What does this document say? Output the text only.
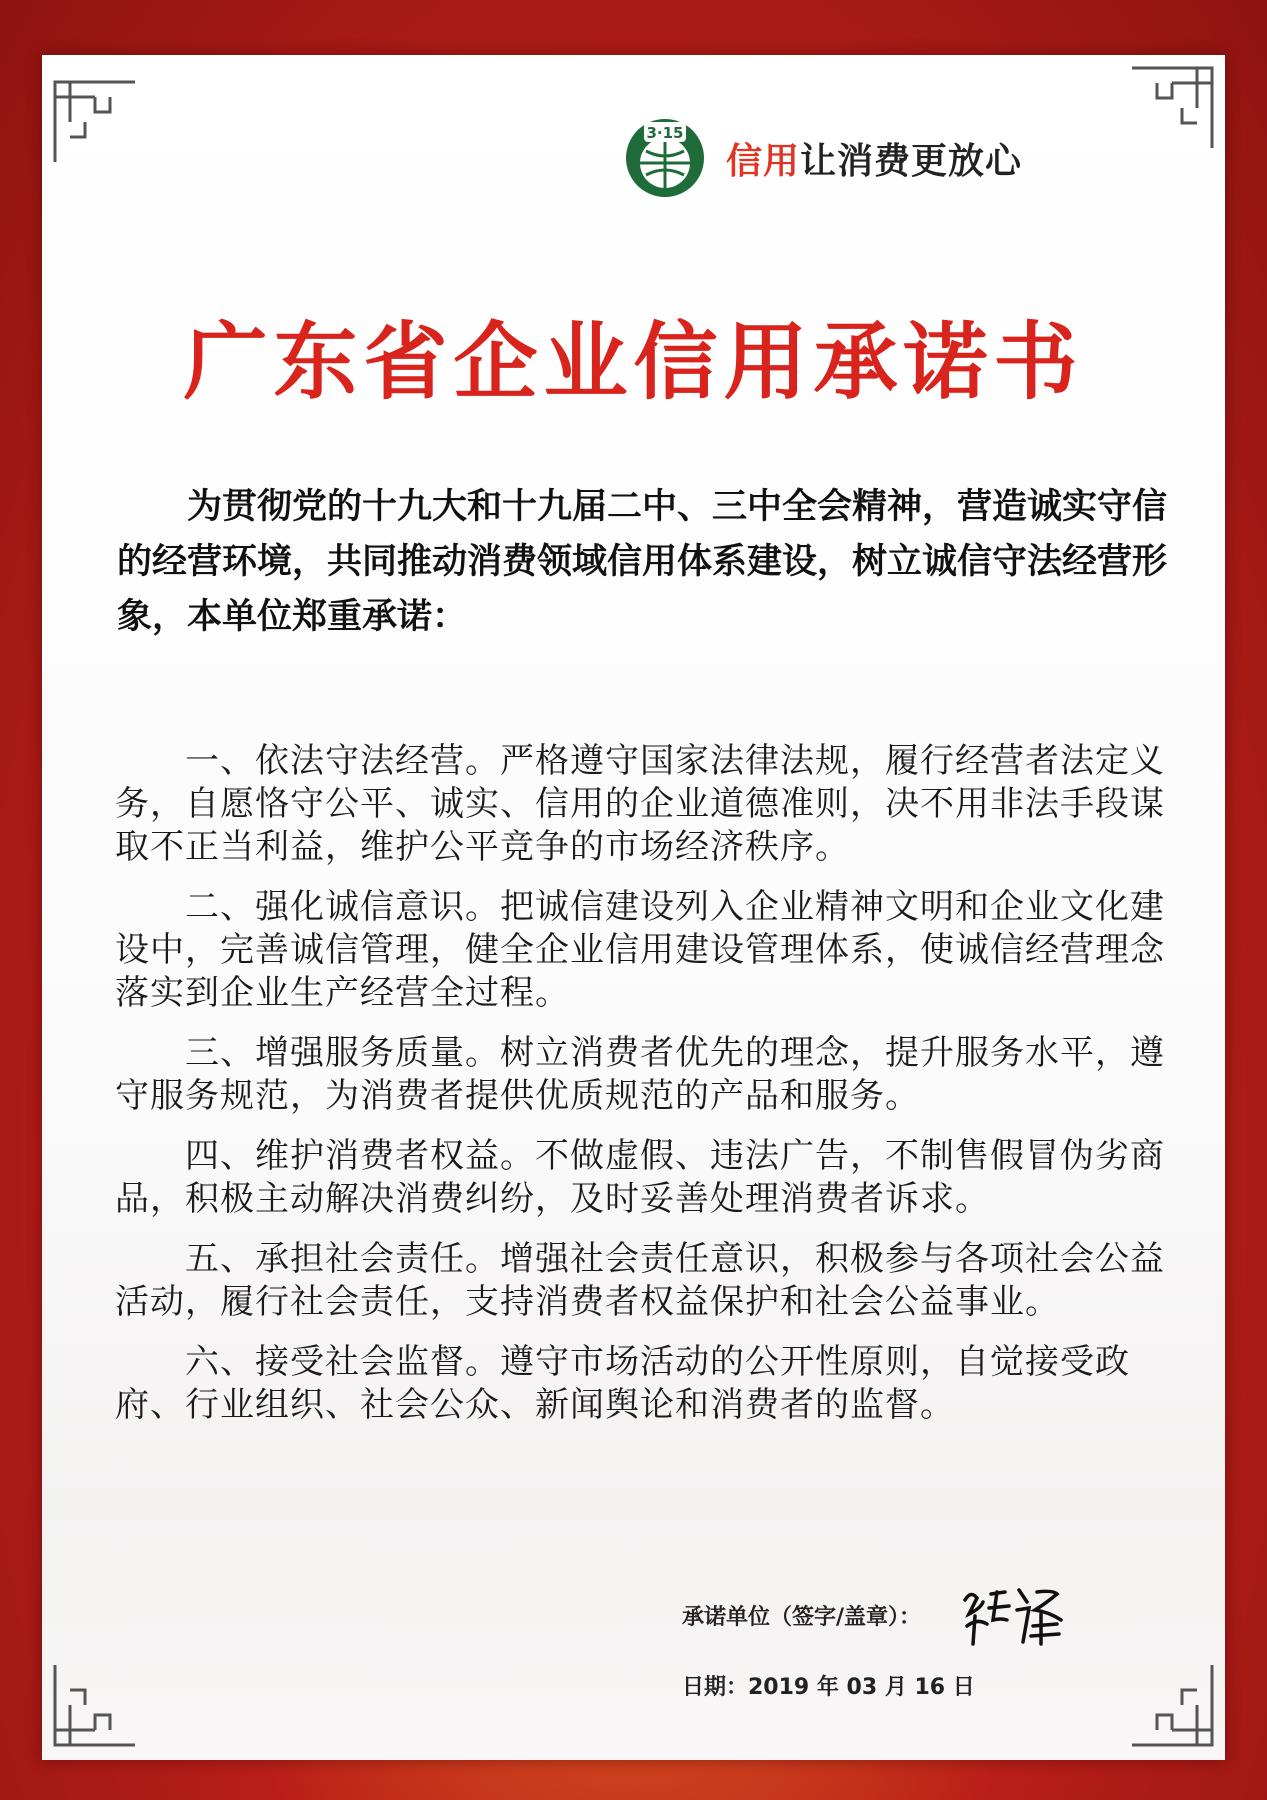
3·15
信用让消费更放心
广东省企业信用承诺书
为贯彻党的十九大和十九届二中、三中全会精神，营造诚实守信的经营环境，共同推动消费领域信用体系建设，树立诚信守法经营形象，本单位郑重承诺：
一、依法守法经营。严格遵守国家法律法规，履行经营者法定义务，自愿恪守公平、诚实、信用的企业道德准则，决不用非法手段谋取不正当利益，维护公平竞争的市场经济秩序。
二、强化诚信意识。把诚信建设列入企业精神文明和企业文化建设中，完善诚信管理，健全企业信用建设管理体系，使诚信经营理念落实到企业生产经营全过程。
三、增强服务质量。树立消费者优先的理念，提升服务水平，遵守服务规范，为消费者提供优质规范的产品和服务。
四、维护消费者权益。不做虚假、违法广告，不制售假冒伪劣商品，积极主动解决消费纠纷，及时妥善处理消费者诉求。
五、承担社会责任。增强社会责任意识，积极参与各项社会公益活动，履行社会责任，支持消费者权益保护和社会公益事业。
六、接受社会监督。遵守市场活动的公开性原则，自觉接受政府、行业组织、社会公众、新闻舆论和消费者的监督。
承诺单位（签字/盖章）：
日期：2019 年 03 月 16 日
